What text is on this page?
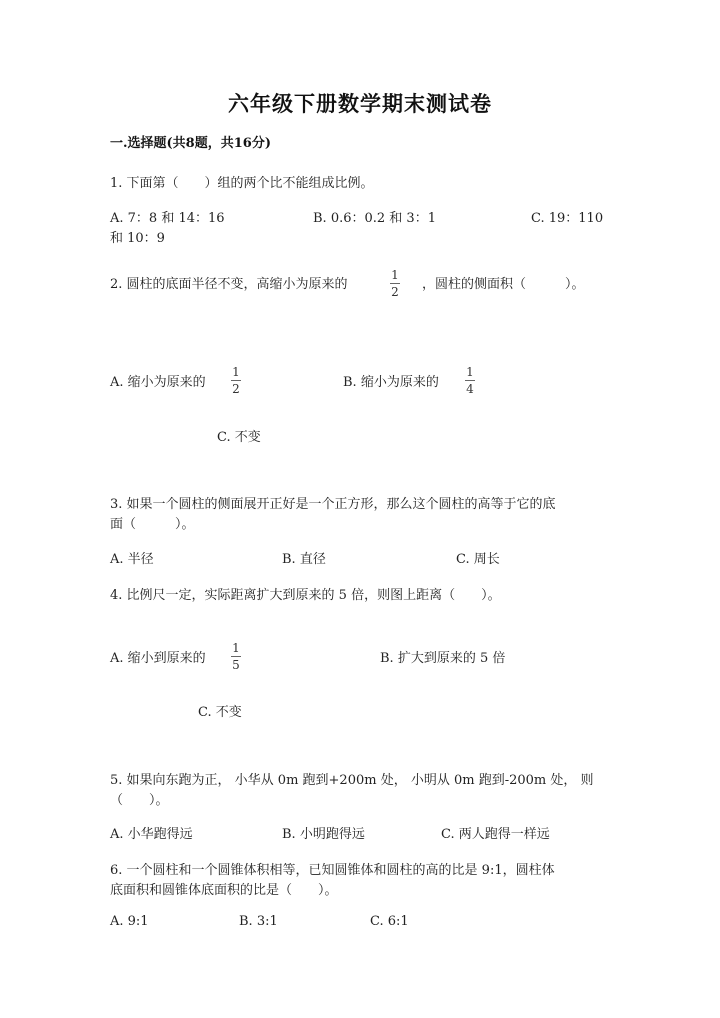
六年级下册数学期末测试卷
一.选择题(共8题，共16分)
1. 下面第（　　）组的两个比不能组成比例。
A. 7：8 和 14：16	B. 0.6：0.2 和 3：1	C. 19：110
和 10：9
2. 圆柱的底面半径不变，高缩小为原来的
1
2 ，圆柱的侧面积（　　　）。
A. 缩小为原来的
1
2	B. 缩小为原来的
1
4
C. 不变
3. 如果一个圆柱的侧面展开正好是一个正方形，那么这个圆柱的高等于它的底
面（　　　）。
A. 半径	B. 直径	C. 周长
4. 比例尺一定，实际距离扩大到原来的 5 倍，则图上距离（　　）。
A. 缩小到原来的
1
5	B. 扩大到原来的 5 倍
C. 不变
5. 如果向东跑为正， 小华从 0m 跑到+200m 处， 小明从 0m 跑到-200m 处， 则
（　　）。
A. 小华跑得远	B. 小明跑得远	C. 两人跑得一样远
6. 一个圆柱和一个圆锥体积相等，已知圆锥体和圆柱的高的比是 9:1，圆柱体
底面积和圆锥体底面积的比是（　　）。
A. 9:1	B. 3:1	C. 6:1
